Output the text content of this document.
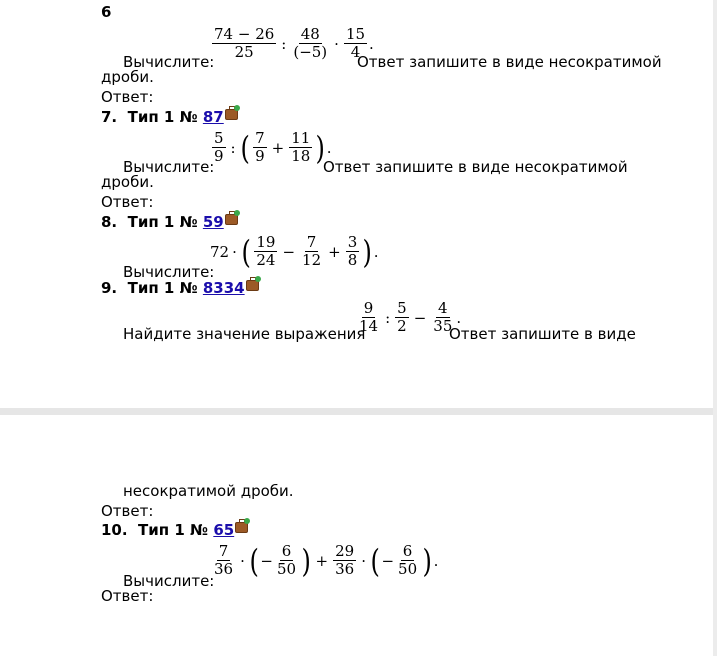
6
Вычислите:
$\frac{74 - 26}{25}$ : $\frac{48}{(-5)} \cdot \frac{15}{4}$ .
Ответ запишите в виде несократимой
дроби.
Ответ:
7. Тип 1 № 87
Вычислите:
$\frac{5}{9}$ : ( $\frac{7}{9} + \frac{11}{18}$ ) .
Ответ запишите в виде несократимой
дроби.
Ответ:
8. Тип 1 № 59
Вычислите:
72 · ( $\frac{19}{24} - \frac{7}{12} + \frac{3}{8}$ ) .
9. Тип 1 № 8334
Найдите значение выражения
$\frac{9}{14}$ : $\frac{5}{2} - \frac{4}{35}$ .
Ответ запишите в виде
несократимой дроби.
Ответ:
10. Тип 1 № 65
Вычислите:
$\frac{7}{36}$ · ( − $\frac{6}{50}$ ) + $\frac{29}{36}$ · ( − $\frac{6}{50}$ ) .
Ответ:
